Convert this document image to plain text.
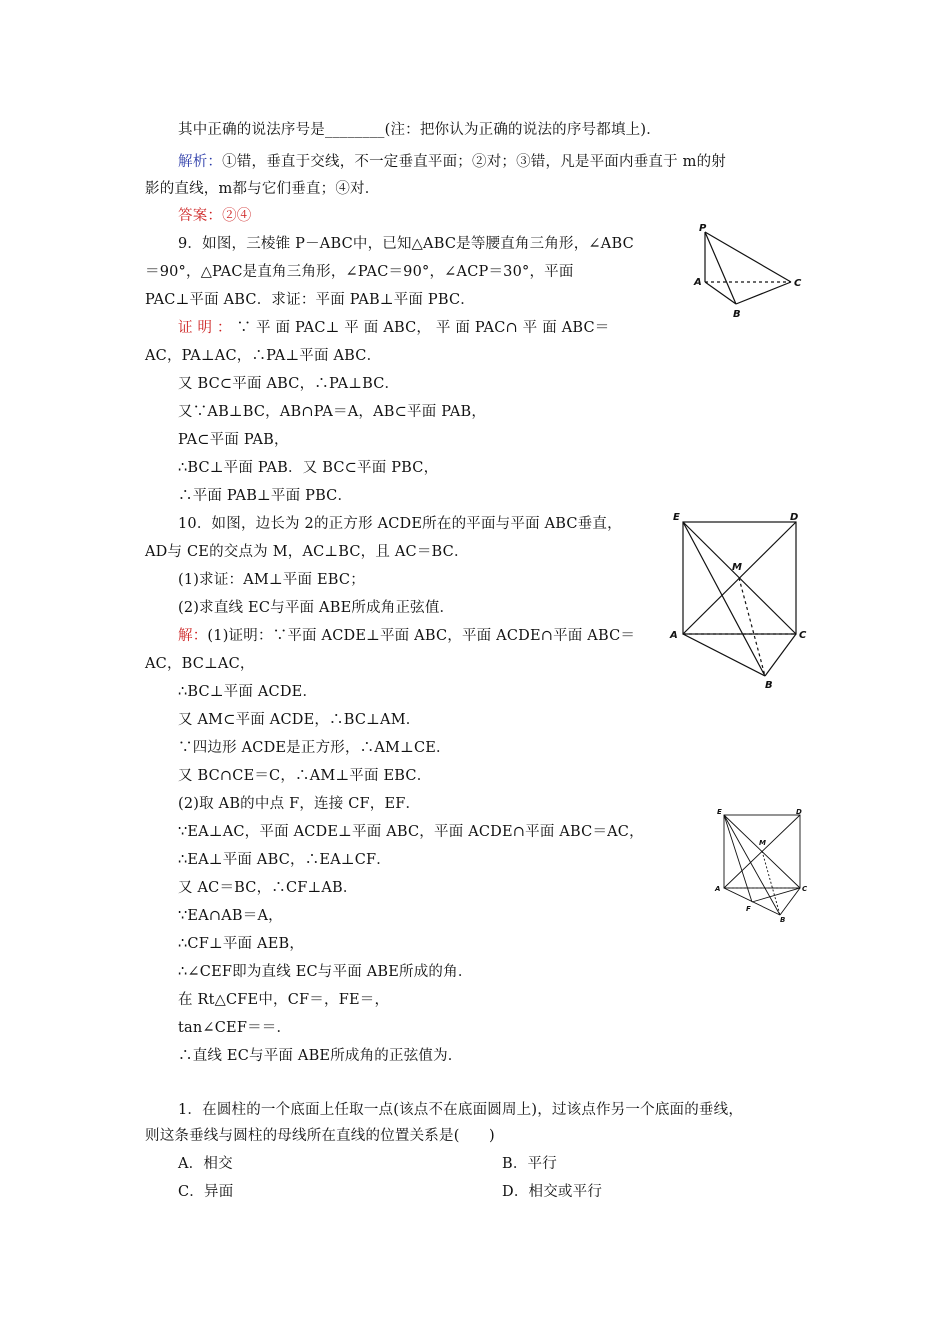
其中正确的说法序号是________(注：把你认为正确的说法的序号都填上)．
解析：①错，垂直于交线，不一定垂直平面；②对；③错，凡是平面内垂直于 m的射
影的直线，m都与它们垂直；④对．
答案：②④
9．如图，三棱锥 P－ABC中，已知△ABC是等腰直角三角形，∠ABC
＝90°，△PAC是直角三角形，∠PAC＝90°，∠ACP＝30°，平面
PAC⊥平面 ABC．求证：平面 PAB⊥平面 PBC．
证 明 ： ∵ 平 面 PAC⊥ 平 面 ABC， 平 面 PAC∩ 平 面 ABC＝
AC，PA⊥AC，∴PA⊥平面 ABC．
又 BC⊂平面 ABC，∴PA⊥BC．
又∵AB⊥BC，AB∩PA＝A，AB⊂平面 PAB，
PA⊂平面 PAB，
∴BC⊥平面 PAB．又 BC⊂平面 PBC，
∴平面 PAB⊥平面 PBC．
10．如图，边长为 2的正方形 ACDE所在的平面与平面 ABC垂直，
AD与 CE的交点为 M，AC⊥BC，且 AC＝BC．
(1)求证：AM⊥平面 EBC；
(2)求直线 EC与平面 ABE所成角正弦值．
解：(1)证明：∵平面 ACDE⊥平面 ABC，平面 ACDE∩平面 ABC＝
AC，BC⊥AC，
∴BC⊥平面 ACDE．
又 AM⊂平面 ACDE，∴BC⊥AM．
∵四边形 ACDE是正方形，∴AM⊥CE．
又 BC∩CE＝C，∴AM⊥平面 EBC．
(2)取 AB的中点 F，连接 CF，EF．
∵EA⊥AC，平面 ACDE⊥平面 ABC，平面 ACDE∩平面 ABC＝AC，
∴EA⊥平面 ABC，∴EA⊥CF．
又 AC＝BC，∴CF⊥AB．
∵EA∩AB＝A，
∴CF⊥平面 AEB，
∴∠CEF即为直线 EC与平面 ABE所成的角．
在 Rt△CFE中，CF＝，FE＝，
tan∠CEF＝＝．
∴直线 EC与平面 ABE所成角的正弦值为．
1．在圆柱的一个底面上任取一点(该点不在底面圆周上)，过该点作另一个底面的垂线，
则这条垂线与圆柱的母线所在直线的位置关系是(　　)
A．相交	B．平行
C．异面	D．相交或平行
P
A
B
C
E	D
M
A	C
B
E	D
M
A	C
F
B
